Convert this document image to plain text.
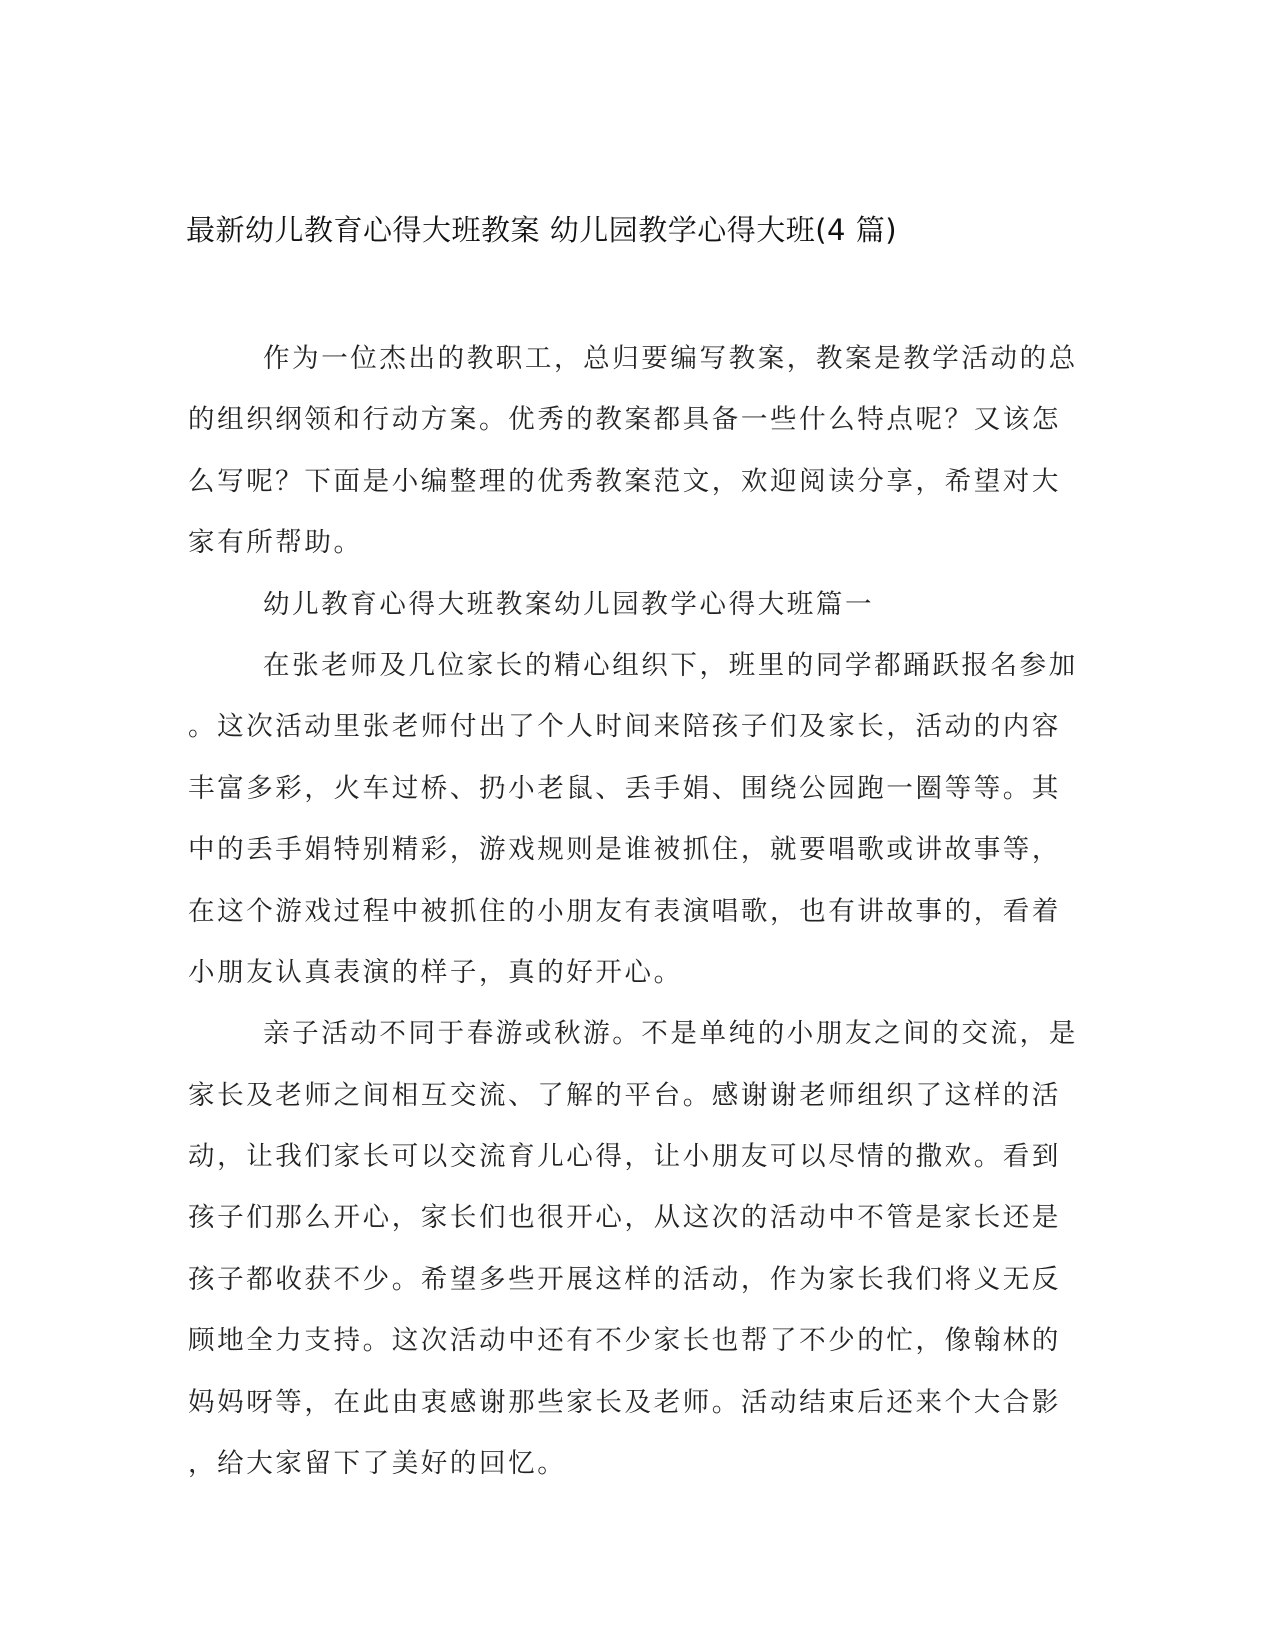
最新幼儿教育心得大班教案 幼儿园教学心得大班(4 篇)
作为一位杰出的教职工，总归要编写教案，教案是教学活动的总
的组织纲领和行动方案。优秀的教案都具备一些什么特点呢？又该怎
么写呢？下面是小编整理的优秀教案范文，欢迎阅读分享，希望对大
家有所帮助。
幼儿教育心得大班教案幼儿园教学心得大班篇一
在张老师及几位家长的精心组织下，班里的同学都踊跃报名参加
。这次活动里张老师付出了个人时间来陪孩子们及家长，活动的内容
丰富多彩，火车过桥、扔小老鼠、丢手娟、围绕公园跑一圈等等。其
中的丢手娟特别精彩，游戏规则是谁被抓住，就要唱歌或讲故事等，
在这个游戏过程中被抓住的小朋友有表演唱歌，也有讲故事的，看着
小朋友认真表演的样子，真的好开心。
亲子活动不同于春游或秋游。不是单纯的小朋友之间的交流，是
家长及老师之间相互交流、了解的平台。感谢谢老师组织了这样的活
动，让我们家长可以交流育儿心得，让小朋友可以尽情的撒欢。看到
孩子们那么开心，家长们也很开心，从这次的活动中不管是家长还是
孩子都收获不少。希望多些开展这样的活动，作为家长我们将义无反
顾地全力支持。这次活动中还有不少家长也帮了不少的忙，像翰林的
妈妈呀等，在此由衷感谢那些家长及老师。活动结束后还来个大合影
，给大家留下了美好的回忆。
